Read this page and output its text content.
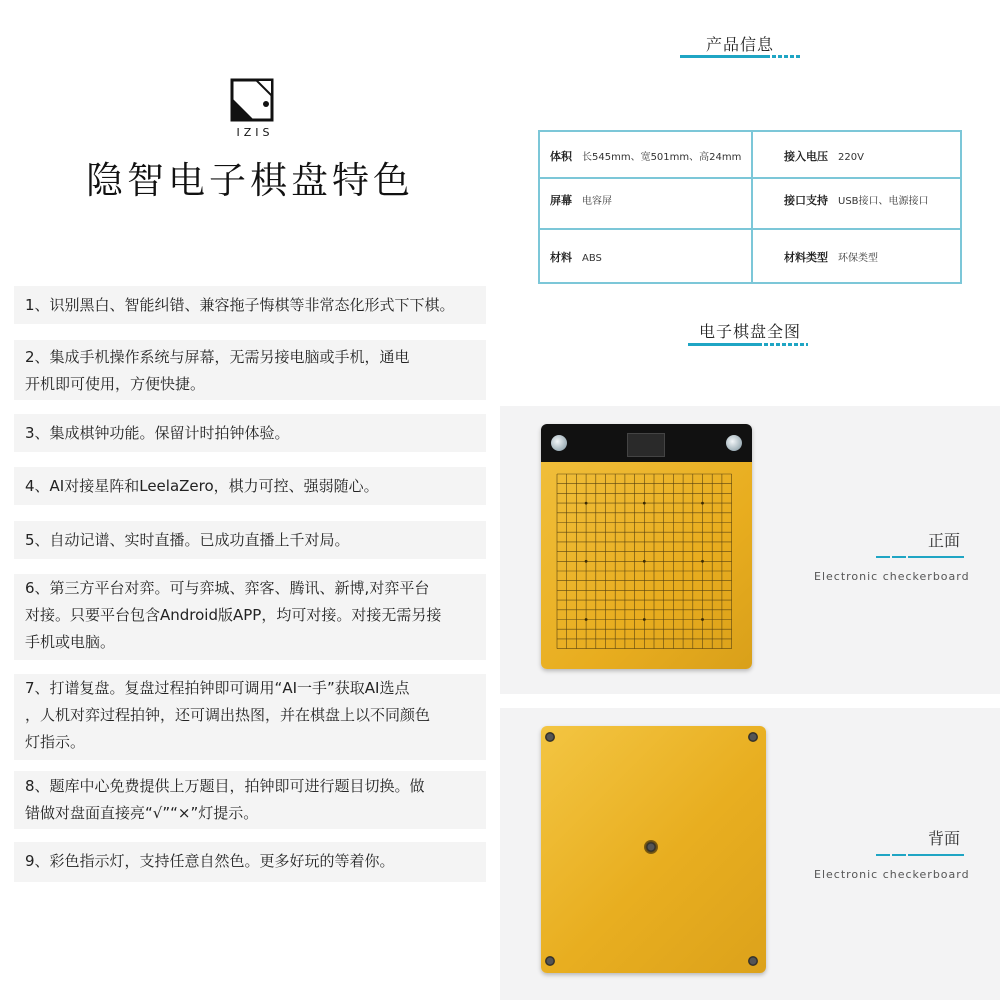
IZIS
隐智电子棋盘特色
1、识别黑白、智能纠错、兼容拖子悔棋等非常态化形式下下棋。
2、集成手机操作系统与屏幕，无需另接电脑或手机，通电
开机即可使用，方便快捷。
3、集成棋钟功能。保留计时拍钟体验。
4、AI对接星阵和LeelaZero，棋力可控、强弱随心。
5、自动记谱、实时直播。已成功直播上千对局。
6、第三方平台对弈。可与弈城、弈客、腾讯、新博,对弈平台
对接。只要平台包含Android版APP，均可对接。对接无需另接
手机或电脑。
7、打谱复盘。复盘过程拍钟即可调用“AI一手”获取AI选点
，人机对弈过程拍钟，还可调出热图，并在棋盘上以不同颜色
灯指示。
8、题库中心免费提供上万题目，拍钟即可进行题目切换。做
错做对盘面直接亮“√”“×”灯提示。
9、彩色指示灯，支持任意自然色。更多好玩的等着你。
产品信息
体积 长545mm、宽501mm、高24mm	接入电压 220V
屏幕 电容屏	接口支持 USB接口、电源接口
材料 ABS	材料类型 环保类型
电子棋盘全图
正面
Electronic checkerboard
背面
Electronic checkerboard
